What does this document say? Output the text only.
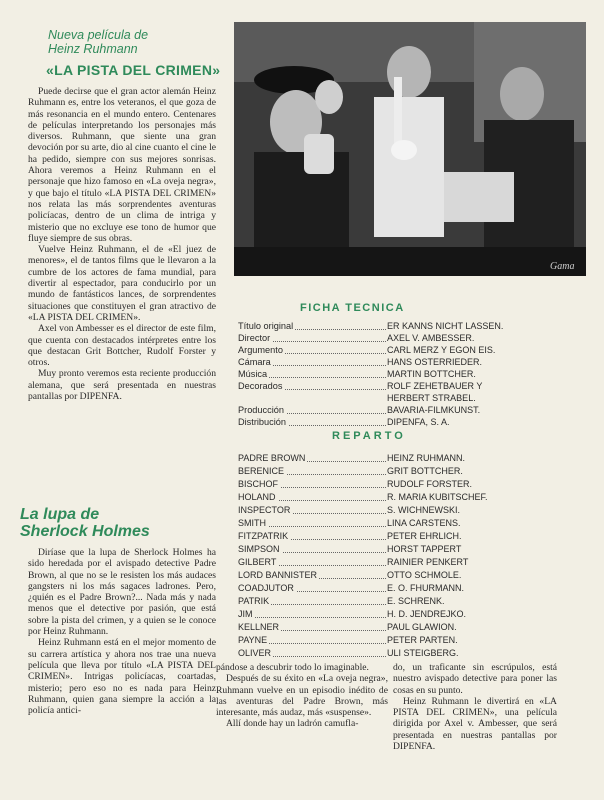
Nueva película de
Heinz Ruhmann
«LA PISTA DEL CRIMEN»

Puede decirse que el gran actor alemán Heinz Ruhmann es, entre los veteranos, el que goza de más resonancia en el mundo entero. Centenares de películas interpretando los personajes más diversos. Ruhmann, que siente una gran devoción por su arte, dio al cine cuanto el cine le ha pedido, siempre con sus mejores sonrisas. Ahora veremos a Heinz Ruhmann en el personaje que hizo famoso en «La oveja negra», y que bajo el título «LA PISTA DEL CRIMEN» nos relata las más sorprendentes aventuras policíacas, dentro de un clima de intriga y misterio que no excluye ese tono de humor que fluye siempre de sus obras.

Vuelve Heinz Ruhmann, el de «El juez de menores», el de tantos films que le llevaron a la cumbre de los actores de fama mundial, para divertir al espectador, para conducirlo por un mundo de fantásticos lances, de sorprendentes situaciones que constituyen el gran atractivo de «LA PISTA DEL CRIMEN».

Axel von Ambesser es el director de este film, que cuenta con destacados intérpretes entre los que destacan Grit Bottcher, Rudolf Forster y otros.

Muy pronto veremos esta reciente producción alemana, que será presentada en nuestras pantallas por DIPENFA.

La lupa de
Sherlock Holmes

Diríase que la lupa de Sherlock Holmes ha sido heredada por el avispado detective Padre Brown, al que no se le resisten los más audaces gangsters ni los más sagaces ladrones. Pero, ¿quién es el Padre Brown?... Nada más y nada menos que el detective por pasión, que está sobre la pista del crimen, y a quien se le conoce por Heinz Ruhmann.

Heinz Ruhmann está en el mejor momento de su carrera artística y ahora nos trae una nueva película que lleva por título «LA PISTA DEL CRIMEN». Intrigas policíacas, coartadas, misterio; pero eso no es nada para Heinz Ruhmann, quien gana siempre la acción a la policía antici-

Gama
FICHA TECNICA
Título original	ER KANNS NICHT LASSEN.
Director	AXEL V. AMBESSER.
Argumento	CARL MERZ Y EGON EIS.
Cámara	HANS OSTERRIEDER.
Música	MARTIN BOTTCHER.
Decorados	ROLF ZEHETBAUER Y
HERBERT STRABEL.
Producción	BAVARIA-FILMKUNST.
Distribución	DIPENFA, S. A.
REPARTO
PADRE BROWN	HEINZ RUHMANN.
BERENICE	GRIT BOTTCHER.
BISCHOF	RUDOLF FORSTER.
HOLAND	R. MARIA KUBITSCHEF.
INSPECTOR	S. WICHNEWSKI.
SMITH	LINA CARSTENS.
FITZPATRIK	PETER EHRLICH.
SIMPSON	HORST TAPPERT
GILBERT	RAINIER PENKERT
LORD BANNISTER	OTTO SCHMOLE.
COADJUTOR	E. O. FHURMANN.
PATRIK	E. SCHRENK.
JIM	H. D. JENDREJKO.
KELLNER	PAUL GLAWION.
PAYNE	PETER PARTEN.
OLIVER	ULI STEIGBERG.
pándose a descubrir todo lo imaginable.

Después de su éxito en «La oveja negra», Ruhmann vuelve en un episodio inédito de las aventuras del Padre Brown, más interesante, más audaz, más «suspense».

Allí donde hay un ladrón camufla-

do, un traficante sin escrúpulos, está nuestro avispado detective para poner las cosas en su punto.

Heinz Ruhmann le divertirá en «LA PISTA DEL CRIMEN», una película dirigida por Axel v. Ambesser, que será presentada en nuestras pantallas por DIPENFA.
